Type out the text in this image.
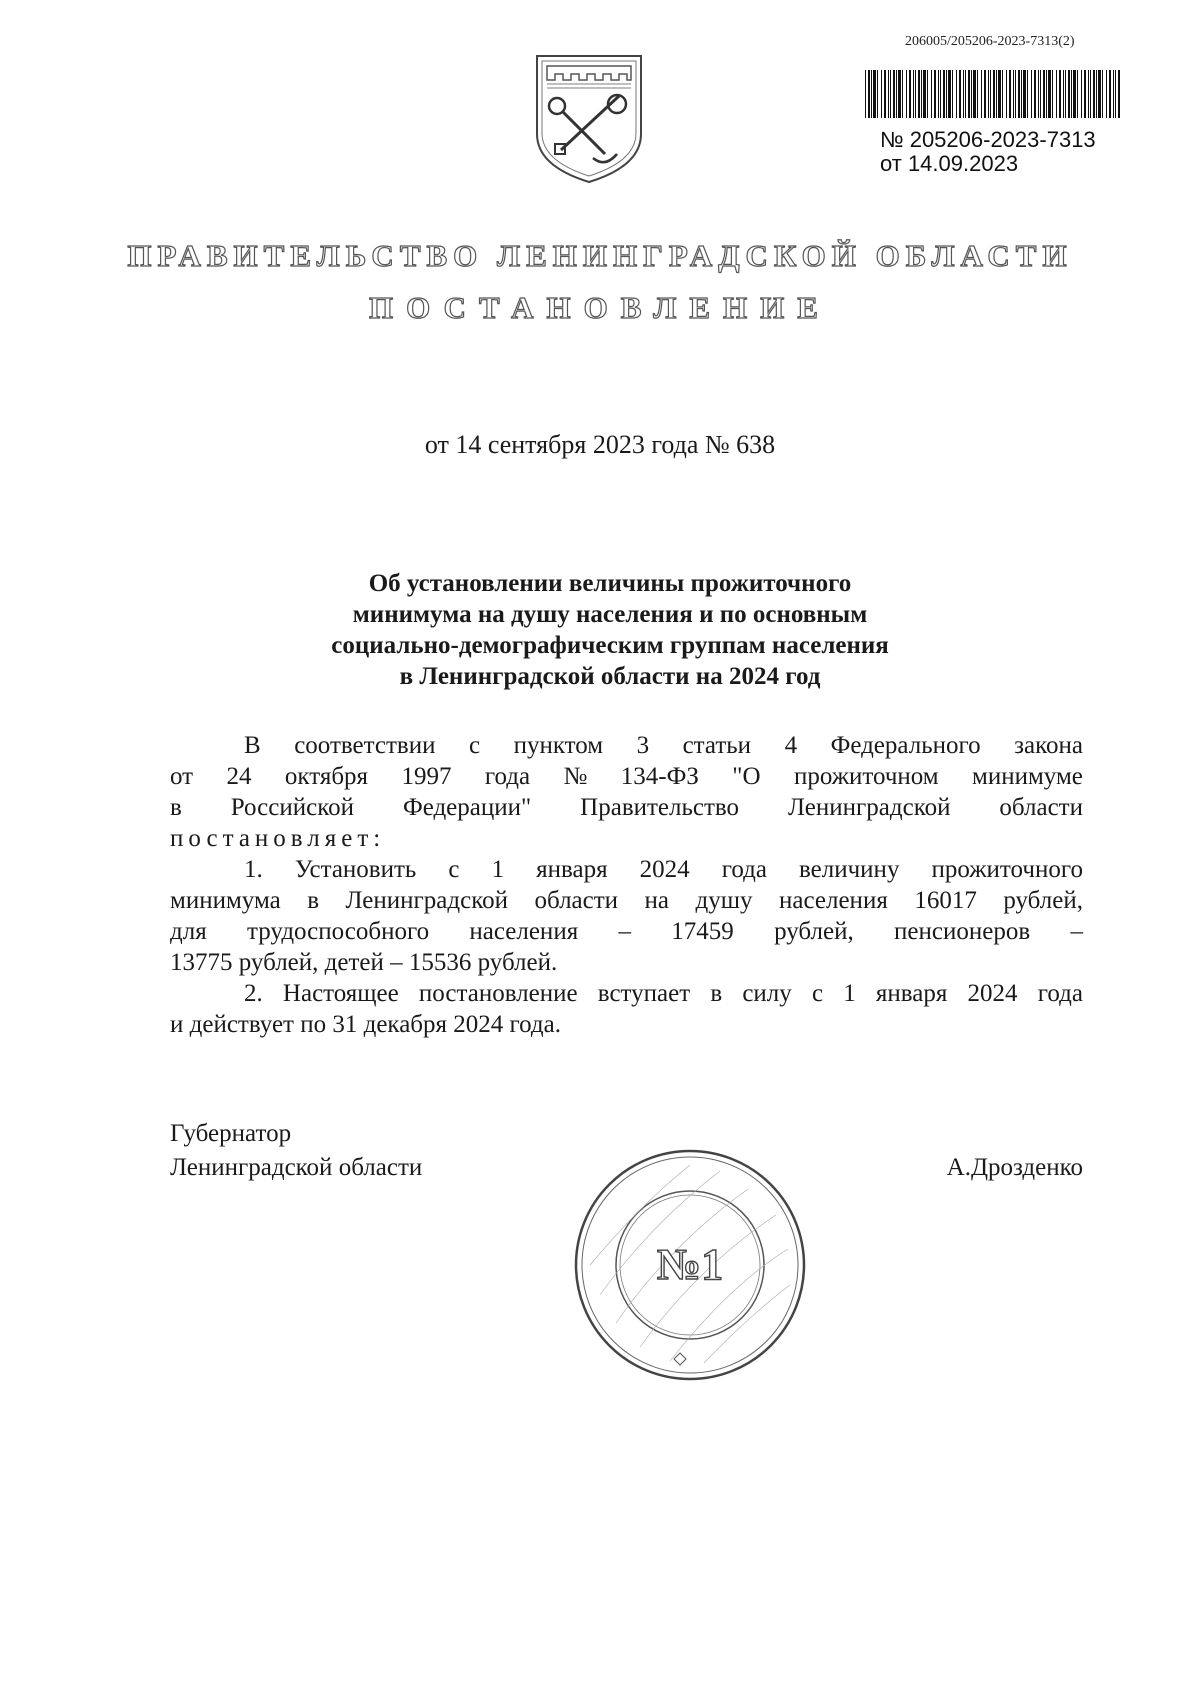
206005/205206-2023-7313(2)
№ 205206-2023-7313
от 14.09.2023
ПРАВИТЕЛЬСТВО ЛЕНИНГРАДСКОЙ ОБЛАСТИ
ПОСТАНОВЛЕНИЕ
от 14 сентября 2023 года № 638
Об установлении величины прожиточного
минимума на душу населения и по основным
социально-демографическим группам населения
в Ленинградской области на 2024 год
В соответствии с пунктом 3 статьи 4 Федерального закона
от 24 октября 1997 года № 134-ФЗ "О прожиточном минимуме
в Российской Федерации" Правительство Ленинградской области
постановляет:
1. Установить с 1 января 2024 года величину прожиточного
минимума в Ленинградской области на душу населения 16017 рублей,
для трудоспособного населения – 17459 рублей, пенсионеров –
13775 рублей, детей – 15536 рублей.
2. Настоящее постановление вступает в силу с 1 января 2024 года
и действует по 31 декабря 2024 года.
Губернатор
Ленинградской области	А.Дрозденко
№1
